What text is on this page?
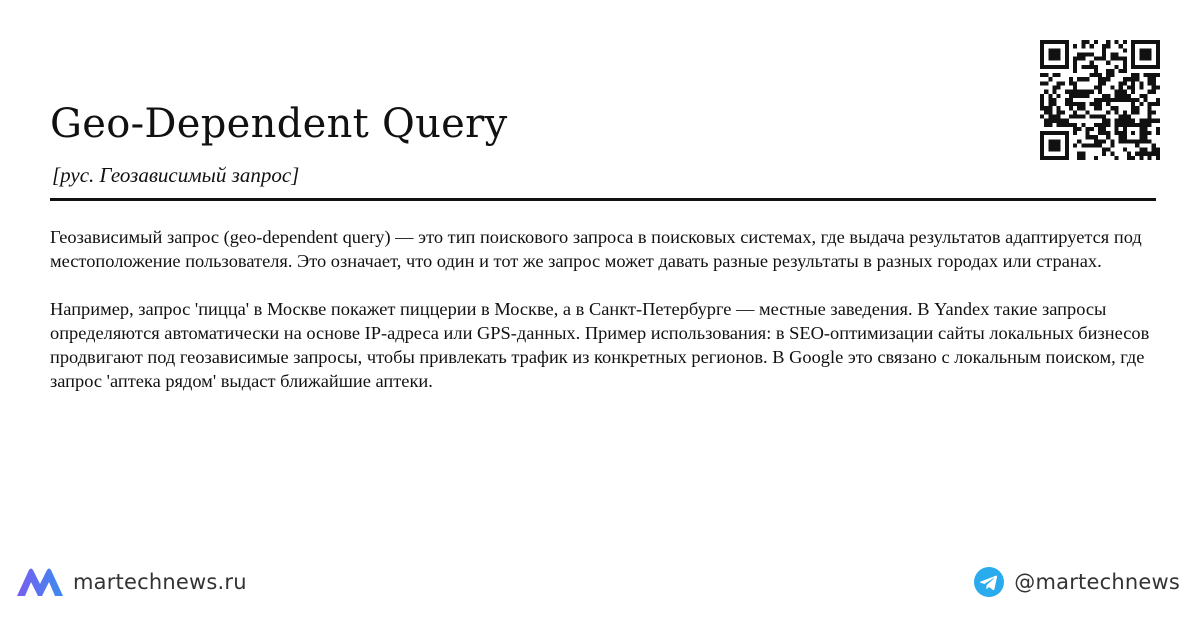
Geo-Dependent Query

[рус. Геозависимый запрос]

Геозависимый запрос (geo-dependent query) — это тип поискового запроса в поисковых системах, где выдача результатов адаптируется под местоположение пользователя. Это означает, что один и тот же запрос может давать разные результаты в разных городах или странах.

Например, запрос 'пицца' в Москве покажет пиццерии в Москве, а в Санкт-Петербурге — местные заведения. В Yandex такие запросы определяются автоматически на основе IP-адреса или GPS-данных. Пример использования: в SEO-оптимизации сайты локальных бизнесов продвигают под геозависимые запросы, чтобы привлекать трафик из конкретных регионов. В Google это связано с локальным поиском, где запрос 'аптека рядом' выдаст ближайшие аптеки.

martechnews.ru	@martechnews
